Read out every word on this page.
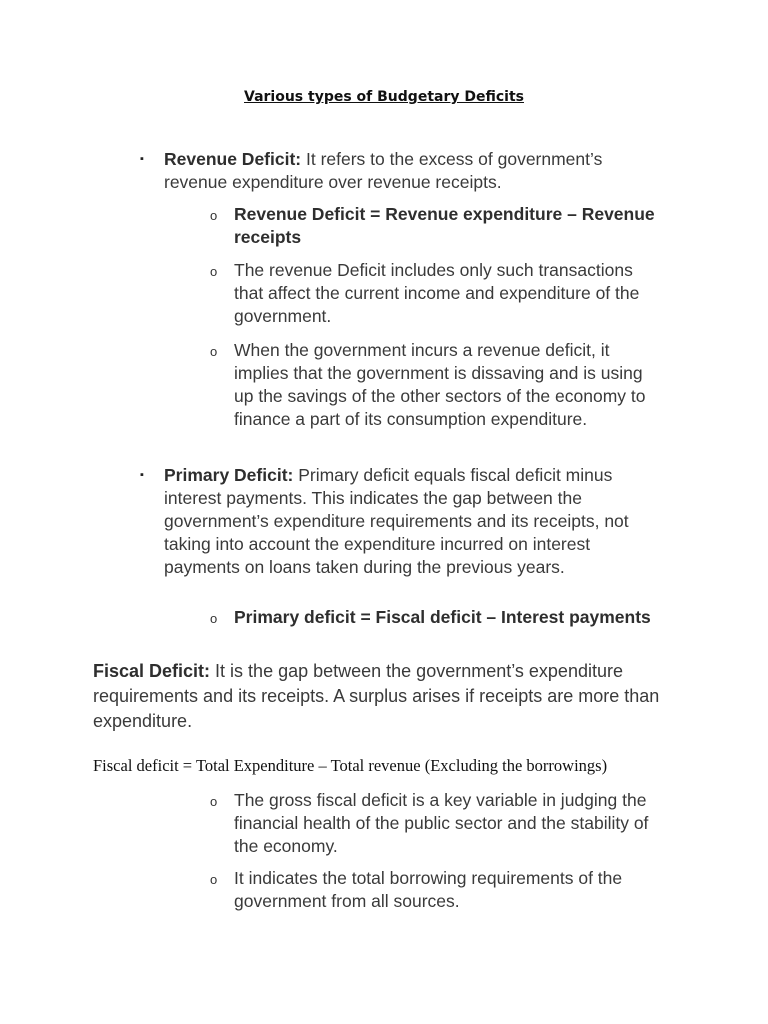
Various types of Budgetary Deficits
▪ Revenue Deficit: It refers to the excess of government’s revenue expenditure over revenue receipts.
o Revenue Deficit = Revenue expenditure – Revenue receipts
o The revenue Deficit includes only such transactions that affect the current income and expenditure of the government.
o When the government incurs a revenue deficit, it implies that the government is dissaving and is using up the savings of the other sectors of the economy to finance a part of its consumption expenditure.
▪ Primary Deficit: Primary deficit equals fiscal deficit minus interest payments. This indicates the gap between the government’s expenditure requirements and its receipts, not taking into account the expenditure incurred on interest payments on loans taken during the previous years.
o Primary deficit = Fiscal deficit – Interest payments
Fiscal Deficit: It is the gap between the government’s expenditure requirements and its receipts. A surplus arises if receipts are more than expenditure.
Fiscal deficit = Total Expenditure – Total revenue (Excluding the borrowings)
o The gross fiscal deficit is a key variable in judging the financial health of the public sector and the stability of the economy.
o It indicates the total borrowing requirements of the government from all sources.
